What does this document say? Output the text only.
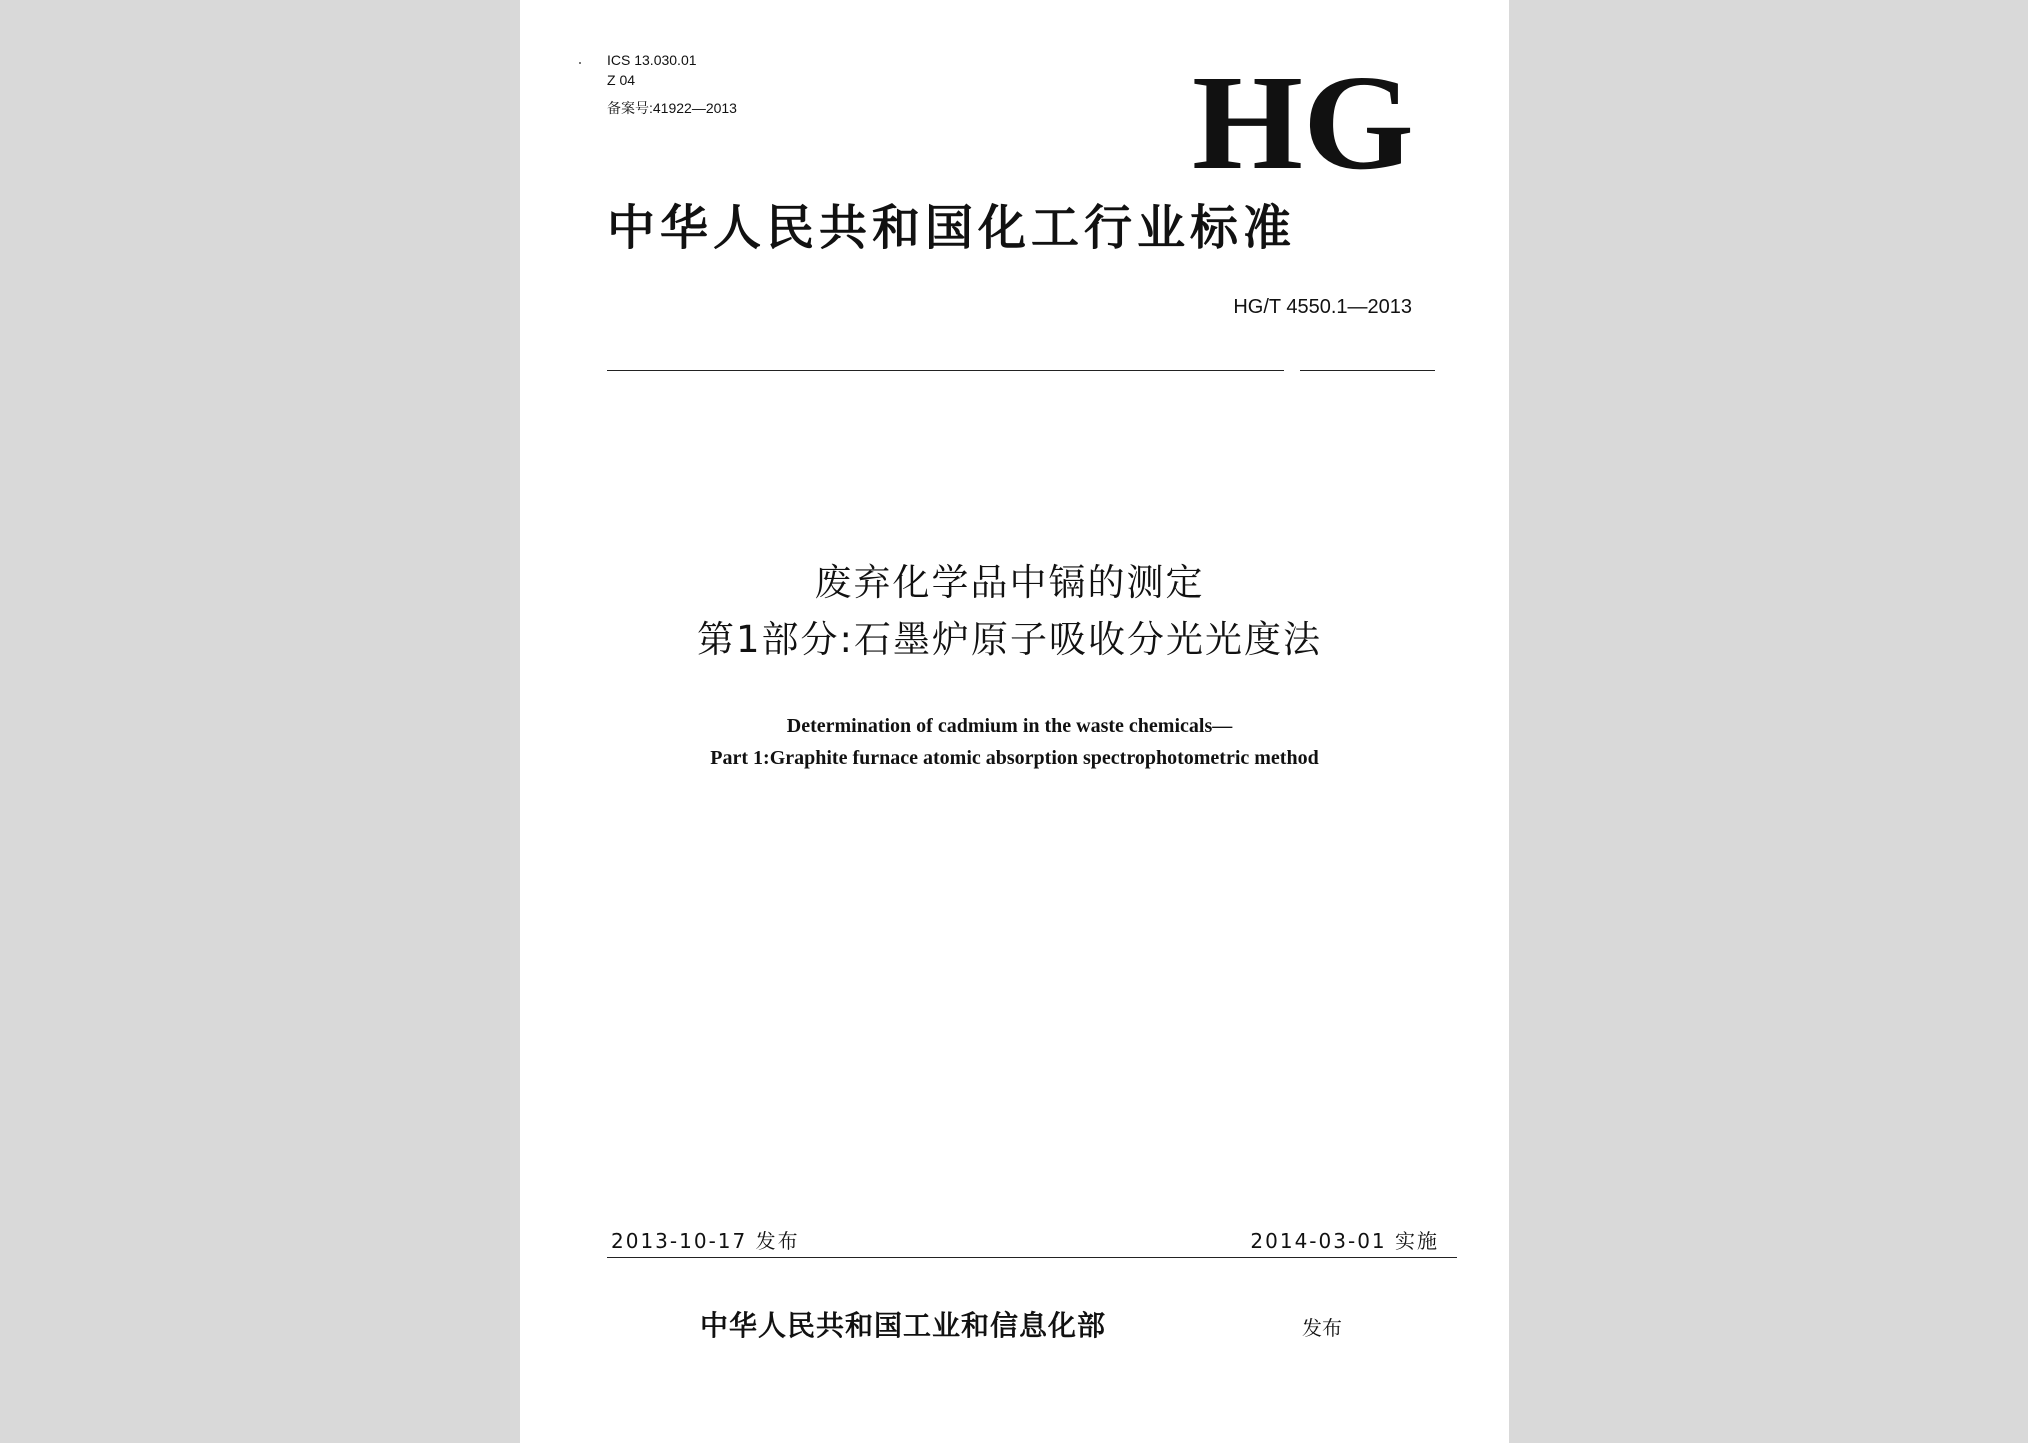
ICS 13.030.01
Z 04
备案号:41922—2013	HG
中华人民共和国化工行业标准
HG/T 4550.1—2013
废弃化学品中镉的测定
第1部分:石墨炉原子吸收分光光度法
Determination of cadmium in the waste chemicals—
Part 1:Graphite furnace atomic absorption spectrophotometric method
2013-10-17 发布	2014-03-01 实施
中华人民共和国工业和信息化部	发布
